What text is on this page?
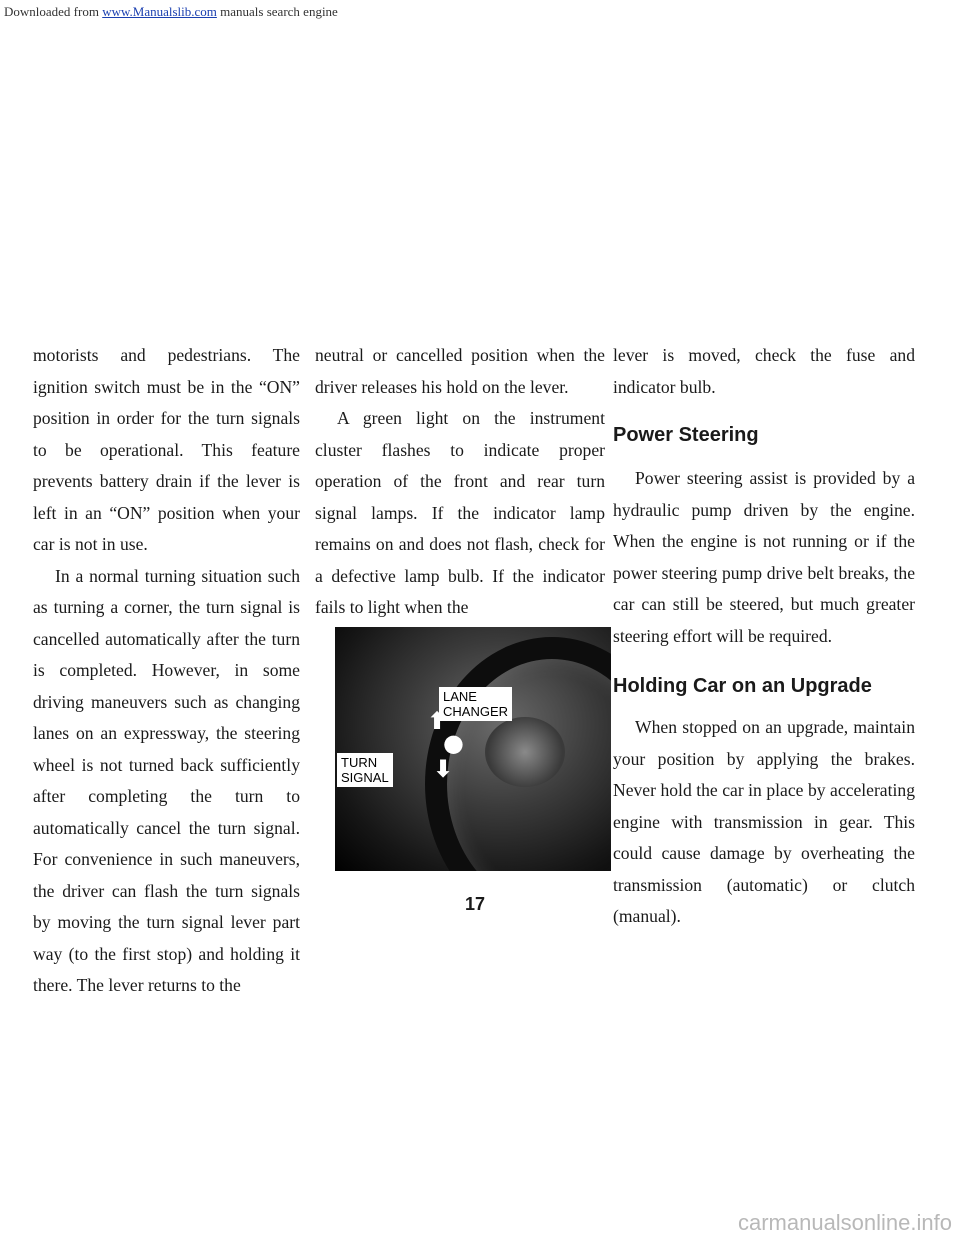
Downloaded from www.Manualslib.com manuals search engine

motorists and pedestrians. The ignition switch must be in the “ON” position in order for the turn signals to be operational. This feature prevents battery drain if the lever is left in an “ON” position when your car is not in use.

In a normal turning situation such as turning a corner, the turn signal is cancelled automatically after the turn is completed. However, in some driving maneuvers such as changing lanes on an expressway, the steering wheel is not turned back sufficiently after completing the turn to automatically cancel the turn signal. For convenience in such maneuvers, the driver can flash the turn signals by moving the turn signal lever part way (to the first stop) and holding it there. The lever returns to the

neutral or cancelled position when the driver releases his hold on the lever.

A green light on the instrument cluster flashes to indicate proper operation of the front and rear turn signal lamps. If the indicator lamp remains on and does not flash, check for a defective lamp bulb. If the indicator fails to light when the

LANE
CHANGER
TURN
SIGNAL
⬆
●
⬇

lever is moved, check the fuse and indicator bulb.

Power Steering

Power steering assist is provided by a hydraulic pump driven by the engine. When the engine is not running or if the power steering pump drive belt breaks, the car can still be steered, but much greater steering effort will be required.

Holding Car on an Upgrade

When stopped on an upgrade, maintain your position by applying the brakes. Never hold the car in place by accelerating engine with transmission in gear. This could cause damage by overheating the transmission (automatic) or clutch (manual).

17
carmanualsonline.info
